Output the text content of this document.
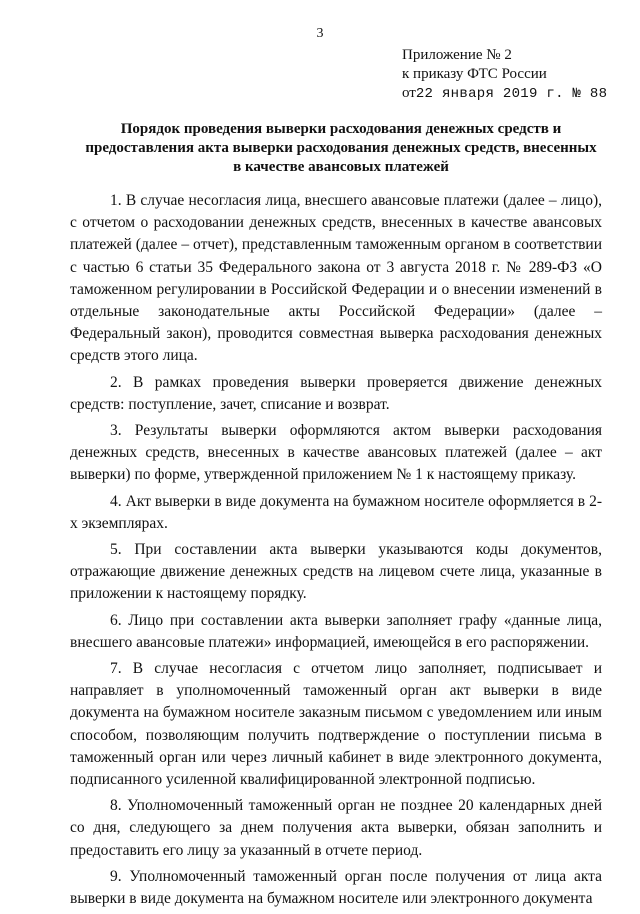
3
Приложение № 2
к приказу ФТС России
от22 января 2019 г. № 88
Порядок проведения выверки расходования денежных средств и
предоставления акта выверки расходования денежных средств, внесенных
в качестве авансовых платежей

1. В случае несогласия лица, внесшего авансовые платежи (далее – лицо), с отчетом о расходовании денежных средств, внесенных в качестве авансовых платежей (далее – отчет), представленным таможенным органом в соответствии с частью 6 статьи 35 Федерального закона от 3 августа 2018 г. № 289-ФЗ «О таможенном регулировании в Российской Федерации и о внесении изменений в отдельные законодательные акты Российской Федерации» (далее – Федеральный закон), проводится совместная выверка расходования денежных средств этого лица.

2. В рамках проведения выверки проверяется движение денежных средств: поступление, зачет, списание и возврат.

3. Результаты выверки оформляются актом выверки расходования денежных средств, внесенных в качестве авансовых платежей (далее – акт выверки) по форме, утвержденной приложением № 1 к настоящему приказу.

4. Акт выверки в виде документа на бумажном носителе оформляется в 2-х экземплярах.

5. При составлении акта выверки указываются коды документов, отражающие движение денежных средств на лицевом счете лица, указанные в приложении к настоящему порядку.

6. Лицо при составлении акта выверки заполняет графу «данные лица, внесшего авансовые платежи» информацией, имеющейся в его распоряжении.

7. В случае несогласия с отчетом лицо заполняет, подписывает и направляет в уполномоченный таможенный орган акт выверки в виде документа на бумажном носителе заказным письмом с уведомлением или иным способом, позволяющим получить подтверждение о поступлении письма в таможенный орган или через личный кабинет в виде электронного документа, подписанного усиленной квалифицированной электронной подписью.

8. Уполномоченный таможенный орган не позднее 20 календарных дней со дня, следующего за днем получения акта выверки, обязан заполнить и предоставить его лицу за указанный в отчете период.

9. Уполномоченный таможенный орган после получения от лица акта выверки в виде документа на бумажном носителе или электронного документа
